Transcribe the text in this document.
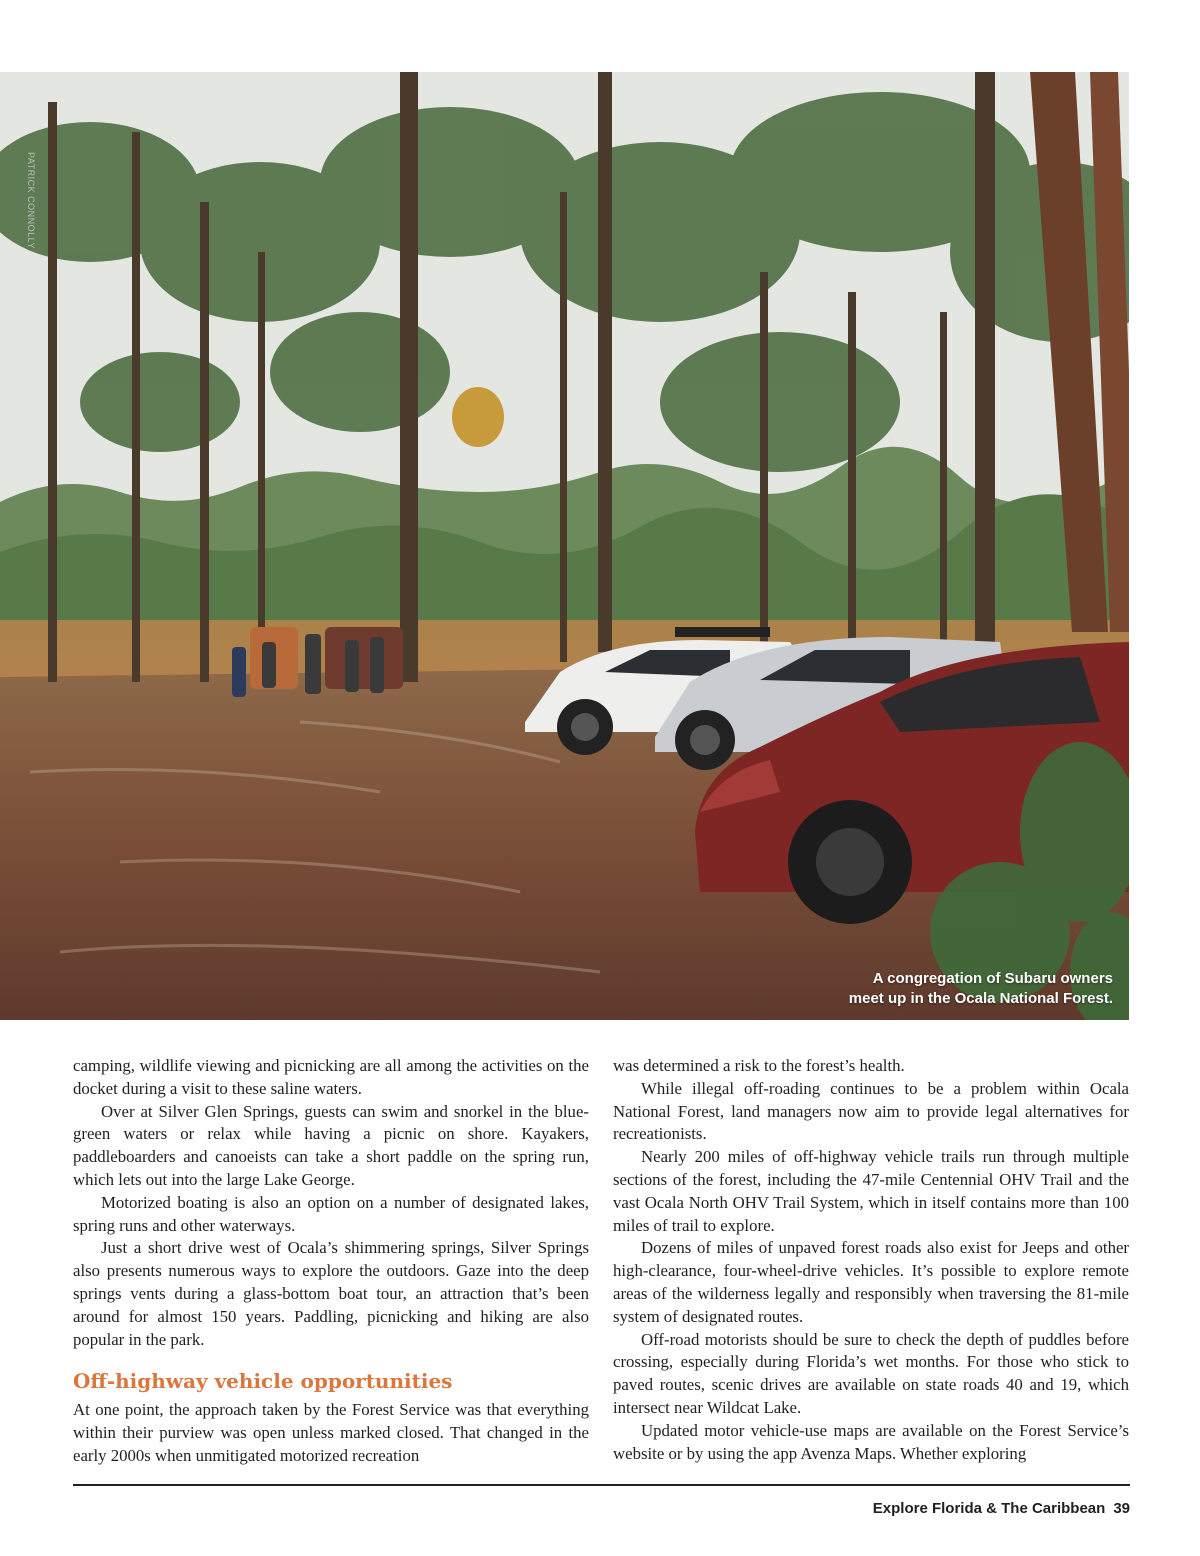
PATRICK CONNOLLY
A congregation of Subaru owners
meet up in the Ocala National Forest.

camping, wildlife viewing and picnicking are all among the activities on the docket during a visit to these saline waters.

Over at Silver Glen Springs, guests can swim and snorkel in the blue-green waters or relax while having a picnic on shore. Kayakers, paddleboarders and canoeists can take a short paddle on the spring run, which lets out into the large Lake George.

Motorized boating is also an option on a number of designated lakes, spring runs and other waterways.

Just a short drive west of Ocala’s shimmering springs, Silver Springs also presents numerous ways to explore the outdoors. Gaze into the deep springs vents during a glass-bottom boat tour, an attraction that’s been around for almost 150 years. Paddling, picnicking and hiking are also popular in the park.

Off-highway vehicle opportunities

At one point, the approach taken by the Forest Service was that everything within their purview was open unless marked closed. That changed in the early 2000s when unmitigated motorized recreation

was determined a risk to the forest’s health.

While illegal off-roading continues to be a problem within Ocala National Forest, land managers now aim to provide legal alternatives for recreationists.

Nearly 200 miles of off-highway vehicle trails run through multiple sections of the forest, including the 47-mile Centennial OHV Trail and the vast Ocala North OHV Trail System, which in itself contains more than 100 miles of trail to explore.

Dozens of miles of unpaved forest roads also exist for Jeeps and other high-clearance, four-wheel-drive vehicles. It’s possible to explore remote areas of the wilderness legally and responsibly when traversing the 81-mile system of designated routes.

Off-road motorists should be sure to check the depth of puddles before crossing, especially during Florida’s wet months. For those who stick to paved routes, scenic drives are available on state roads 40 and 19, which intersect near Wildcat Lake.

Updated motor vehicle-use maps are available on the Forest Service’s website or by using the app Avenza Maps. Whether exploring

Explore Florida & The Caribbean 39
